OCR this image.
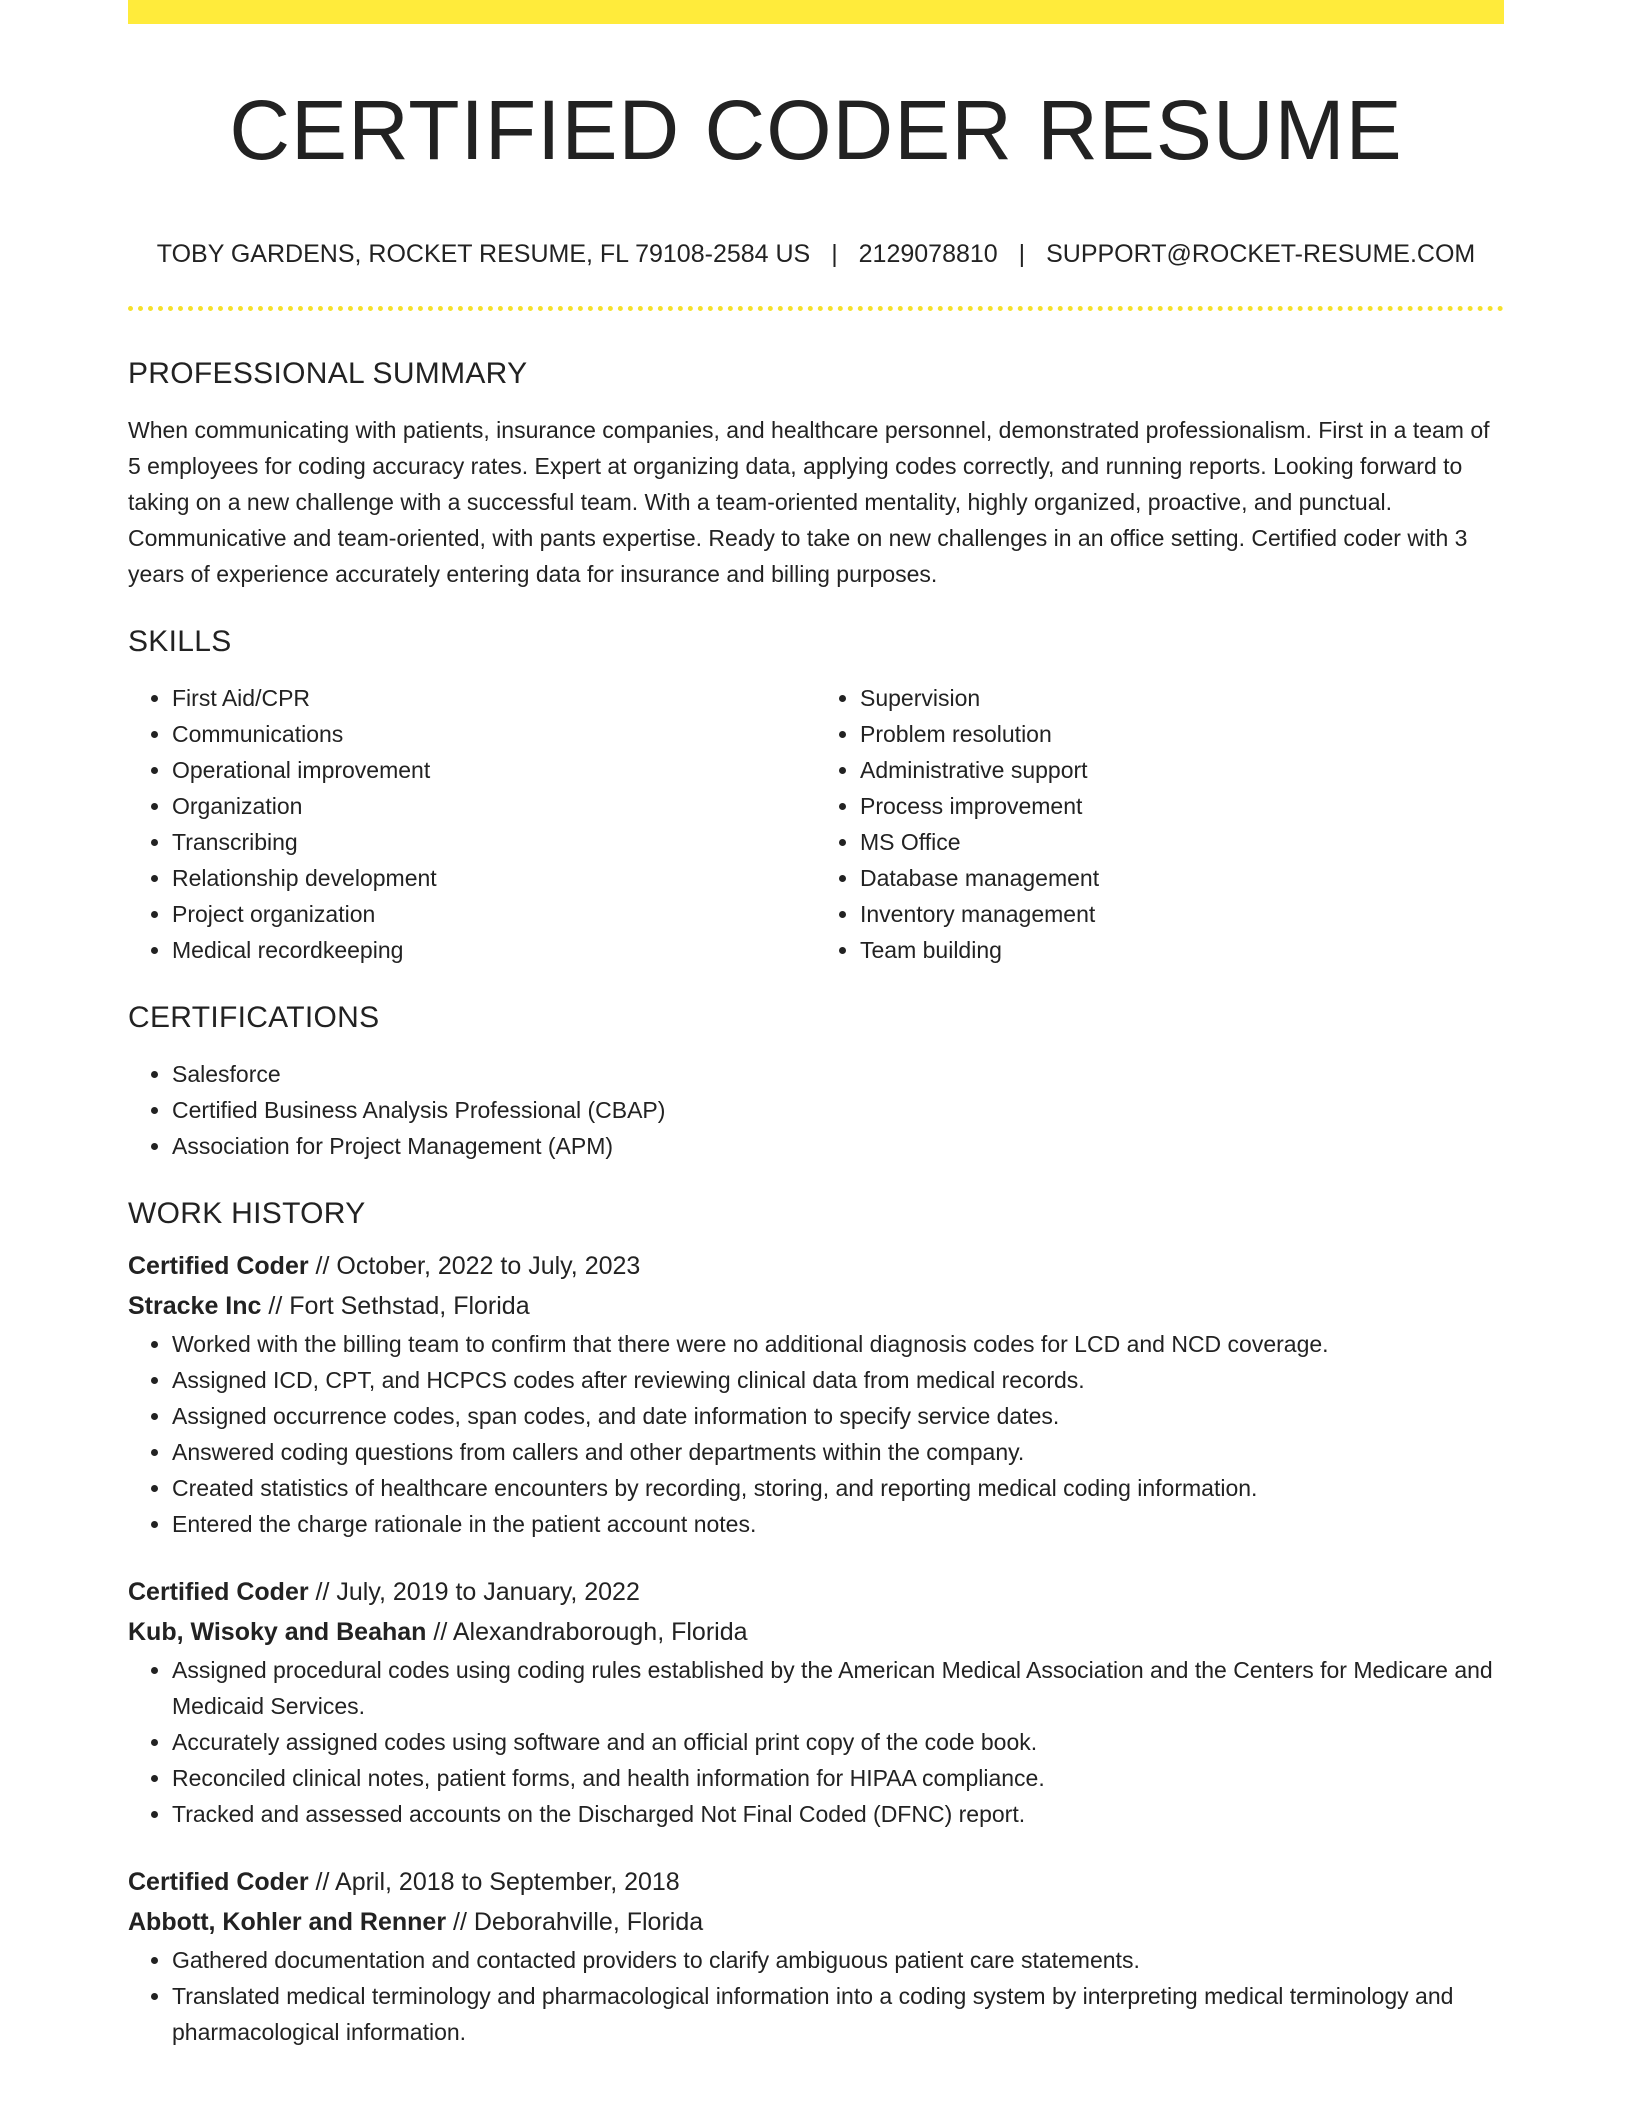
CERTIFIED CODER RESUME
TOBY GARDENS, ROCKET RESUME, FL 79108-2584 US | 2129078810 | SUPPORT@ROCKET-RESUME.COM
PROFESSIONAL SUMMARY

When communicating with patients, insurance companies, and healthcare personnel, demonstrated professionalism. First in a team of 5 employees for coding accuracy rates. Expert at organizing data, applying codes correctly, and running reports. Looking forward to taking on a new challenge with a successful team. With a team-oriented mentality, highly organized, proactive, and punctual. Communicative and team-oriented, with pants expertise. Ready to take on new challenges in an office setting. Certified coder with 3 years of experience accurately entering data for insurance and billing purposes.

SKILLS
• First Aid/CPR
• Communications
• Operational improvement
• Organization
• Transcribing
• Relationship development
• Project organization
• Medical recordkeeping
• Supervision
• Problem resolution
• Administrative support
• Process improvement
• MS Office
• Database management
• Inventory management
• Team building
CERTIFICATIONS
• Salesforce
• Certified Business Analysis Professional (CBAP)
• Association for Project Management (APM)
WORK HISTORY
Certified Coder // October, 2022 to July, 2023
Stracke Inc // Fort Sethstad, Florida
• Worked with the billing team to confirm that there were no additional diagnosis codes for LCD and NCD coverage.
• Assigned ICD, CPT, and HCPCS codes after reviewing clinical data from medical records.
• Assigned occurrence codes, span codes, and date information to specify service dates.
• Answered coding questions from callers and other departments within the company.
• Created statistics of healthcare encounters by recording, storing, and reporting medical coding information.
• Entered the charge rationale in the patient account notes.
Certified Coder // July, 2019 to January, 2022
Kub, Wisoky and Beahan // Alexandraborough, Florida
• Assigned procedural codes using coding rules established by the American Medical Association and the Centers for Medicare and Medicaid Services.
• Accurately assigned codes using software and an official print copy of the code book.
• Reconciled clinical notes, patient forms, and health information for HIPAA compliance.
• Tracked and assessed accounts on the Discharged Not Final Coded (DFNC) report.
Certified Coder // April, 2018 to September, 2018
Abbott, Kohler and Renner // Deborahville, Florida
• Gathered documentation and contacted providers to clarify ambiguous patient care statements.
• Translated medical terminology and pharmacological information into a coding system by interpreting medical terminology and pharmacological information.
